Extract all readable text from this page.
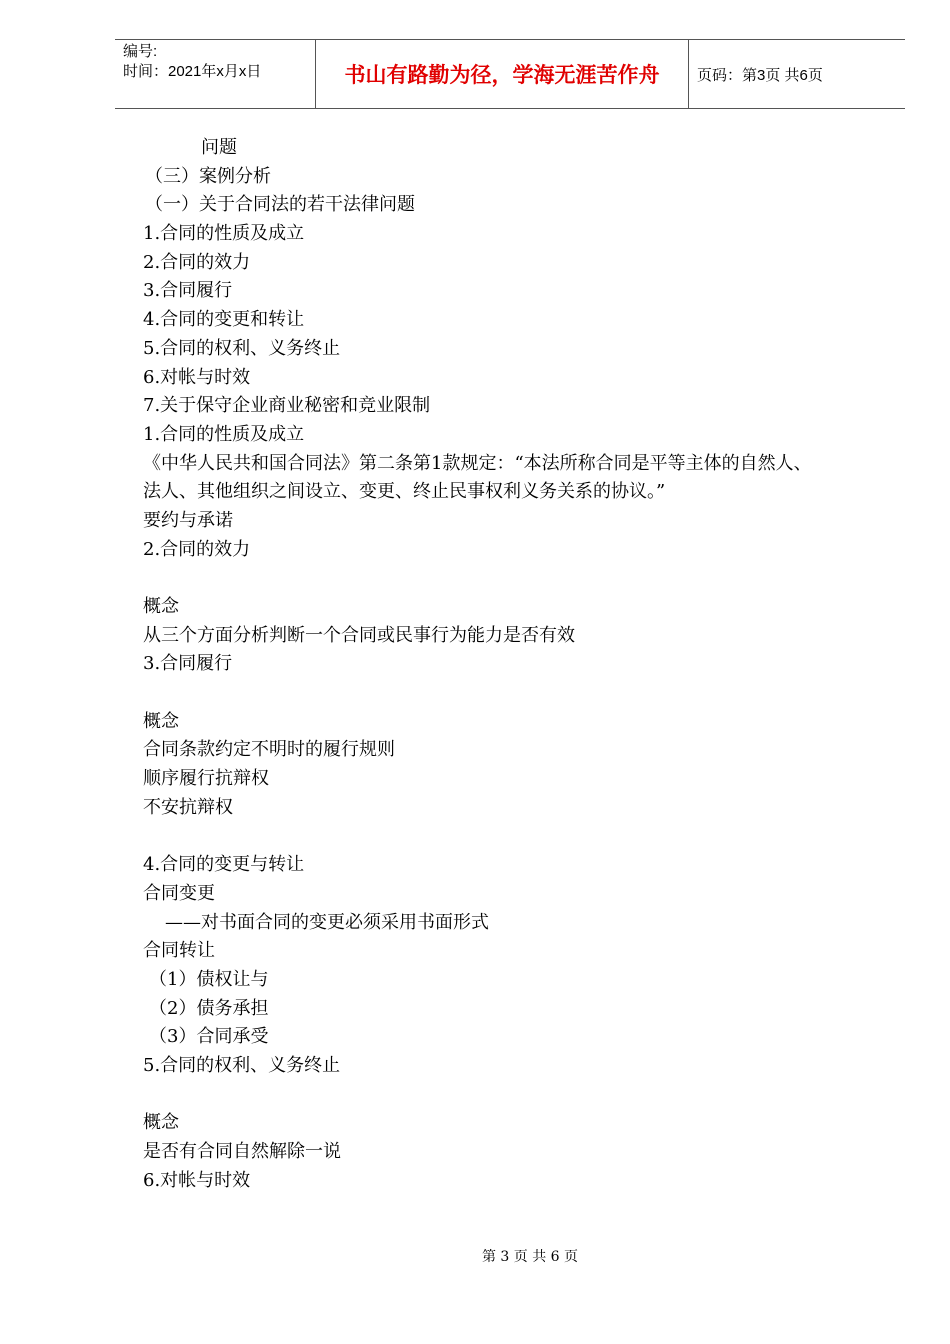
编号:
时间：2021年x月x日	书山有路勤为径，学海无涯苦作舟	页码：第3页 共6页
问题
（三）案例分析
（一）关于合同法的若干法律问题
1.合同的性质及成立
2.合同的效力
3.合同履行
4.合同的变更和转让
5.合同的权利、义务终止
6.对帐与时效
7.关于保守企业商业秘密和竞业限制
1.合同的性质及成立
《中华人民共和国合同法》第二条第1款规定：“本法所称合同是平等主体的自然人、
法人、其他组织之间设立、变更、终止民事权利义务关系的协议。”
要约与承诺
2.合同的效力
概念
从三个方面分析判断一个合同或民事行为能力是否有效
3.合同履行
概念
合同条款约定不明时的履行规则
顺序履行抗辩权
不安抗辩权
4.合同的变更与转让
合同变更
——对书面合同的变更必须采用书面形式
合同转让
（1）债权让与
（2）债务承担
（3）合同承受
5.合同的权利、义务终止
概念
是否有合同自然解除一说
6.对帐与时效
第 3 页 共 6 页
